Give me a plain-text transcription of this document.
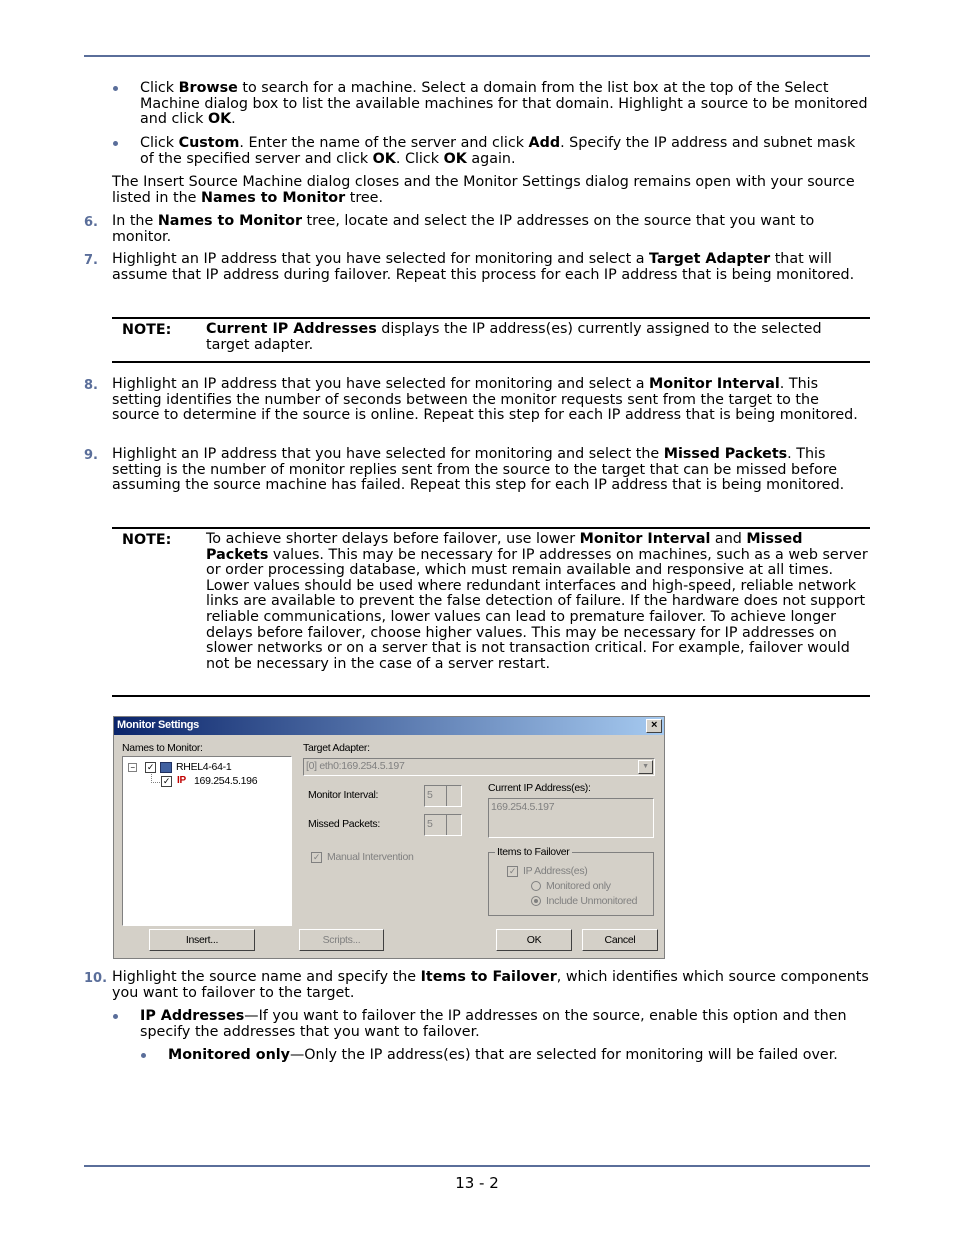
Click Browse to search for a machine. Select a domain from the list box at the top of the Select Machine dialog box to list the available machines for that domain. Highlight a source to be monitored and click OK.
Click Custom. Enter the name of the server and click Add. Specify the IP address and subnet mask of the specified server and click OK. Click OK again.
The Insert Source Machine dialog closes and the Monitor Settings dialog remains open with your source listed in the Names to Monitor tree.
6. In the Names to Monitor tree, locate and select the IP addresses on the source that you want to monitor.
7. Highlight an IP address that you have selected for monitoring and select a Target Adapter that will assume that IP address during failover. Repeat this process for each IP address that is being monitored.
NOTE: Current IP Addresses displays the IP address(es) currently assigned to the selected target adapter.
8. Highlight an IP address that you have selected for monitoring and select a Monitor Interval. This setting identifies the number of seconds between the monitor requests sent from the target to the source to determine if the source is online. Repeat this step for each IP address that is being monitored.
9. Highlight an IP address that you have selected for monitoring and select the Missed Packets. This setting is the number of monitor replies sent from the source to the target that can be missed before assuming the source machine has failed. Repeat this step for each IP address that is being monitored.
NOTE: To achieve shorter delays before failover, use lower Monitor Interval and Missed Packets values. This may be necessary for IP addresses on machines, such as a web server or order processing database, which must remain available and responsive at all times. Lower values should be used where redundant interfaces and high-speed, reliable network links are available to prevent the false detection of failure. If the hardware does not support reliable communications, lower values can lead to premature failover. To achieve longer delays before failover, choose higher values. This may be necessary for IP addresses on slower networks or on a server that is not transaction critical. For example, failover would not be necessary in the case of a server restart.
Monitor Settings	×
Names to Monitor:
− ✓ RHEL4-64-1
✓ IP 169.254.5.196
Target Adapter:
[0] eth0:169.254.5.197	▼
Monitor Interval:	5
Missed Packets:	5
Current IP Address(es):
169.254.5.197
✓ Manual Intervention	Items to Failover
✓ IP Address(es)
Monitored only
Include Unmonitored
Insert...	Scripts...	OK	Cancel
10. Highlight the source name and specify the Items to Failover, which identifies which source components you want to failover to the target.
IP Addresses—If you want to failover the IP addresses on the source, enable this option and then specify the addresses that you want to failover.
Monitored only—Only the IP address(es) that are selected for monitoring will be failed over.
13 - 2
